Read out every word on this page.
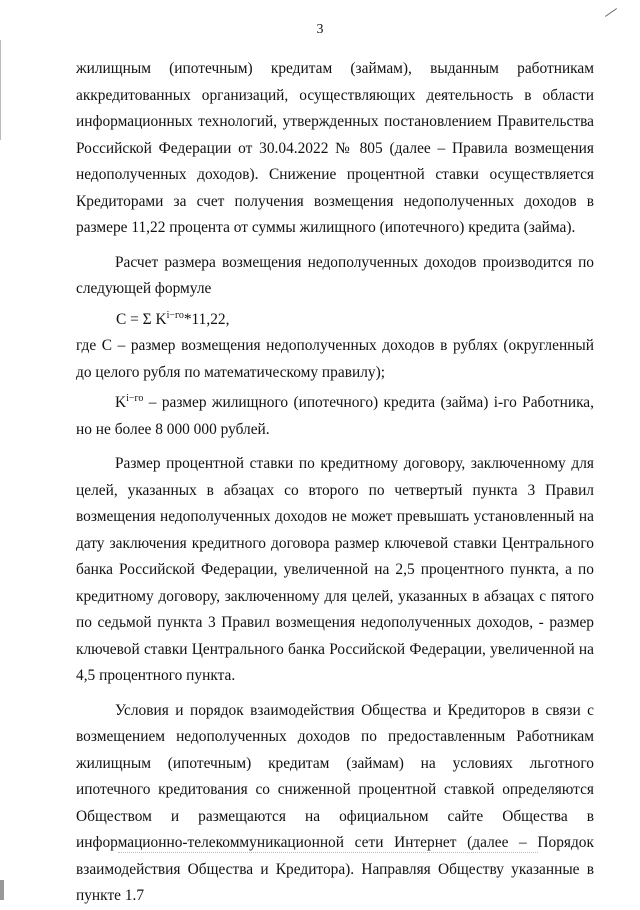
3

жилищным (ипотечным) кредитам (займам), выданным работникам аккредитованных организаций, осуществляющих деятельность в области информационных технологий, утвержденных постановлением Правительства Российской Федерации от 30.04.2022 № 805 (далее – Правила возмещения недополученных доходов). Снижение процентной ставки осуществляется Кредиторами за счет получения возмещения недополученных доходов в размере 11,22 процента от суммы жилищного (ипотечного) кредита (займа).

Расчет размера возмещения недополученных доходов производится по следующей формуле

C = Σ $K^{i-го}*11,22$,

где C – размер возмещения недополученных доходов в рублях (округленный до целого рубля по математическому правилу);

$K^{i-го}$ – размер жилищного (ипотечного) кредита (займа) i-го Работника, но не более 8 000 000 рублей.

Размер процентной ставки по кредитному договору, заключенному для целей, указанных в абзацах со второго по четвертый пункта 3 Правил возмещения недополученных доходов не может превышать установленный на дату заключения кредитного договора размер ключевой ставки Центрального банка Российской Федерации, увеличенной на 2,5 процентного пункта, а по кредитному договору, заключенному для целей, указанных в абзацах с пятого по седьмой пункта 3 Правил возмещения недополученных доходов, - размер ключевой ставки Центрального банка Российской Федерации, увеличенной на 4,5 процентного пункта.

Условия и порядок взаимодействия Общества и Кредиторов в связи с возмещением недополученных доходов по предоставленным Работникам жилищным (ипотечным) кредитам (займам) на условиях льготного ипотечного кредитования со сниженной процентной ставкой определяются Обществом и размещаются на официальном сайте Общества в информационно-телекоммуникационной сети Интернет (далее – Порядок взаимодействия Общества и Кредитора). Направляя Обществу указанные в пункте 1.7
